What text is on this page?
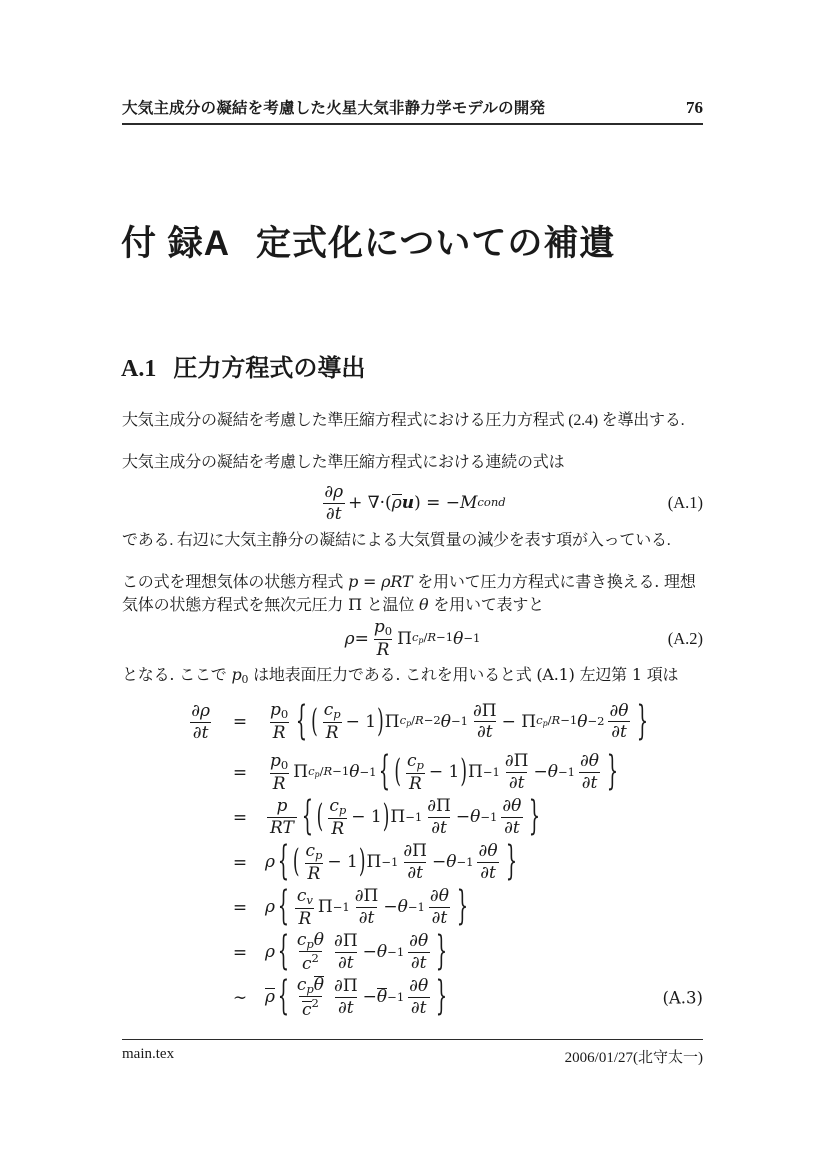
大気主成分の凝結を考慮した火星大気非静力学モデルの開発	76
付 録A 定式化についての補遺
A.1 圧力方程式の導出
大気主成分の凝結を考慮した準圧縮方程式における圧力方程式 (2.4) を導出する.
大気主成分の凝結を考慮した準圧縮方程式における連続の式は
$\frac{\partial\rho}{\partial t}$ + ∇·( ρ u ) = − M cond	(A.1)
である. 右辺に大気主静分の凝結による大気質量の減少を表す項が入っている.
この式を理想気体の状態方程式 p = ρRT を用いて圧力方程式に書き換える. 理想
気体の状態方程式を無次元圧力 Π と温位 θ を用いて表すと
$\rho = \frac{p0}{R}$ Π cp/R−1 θ −1	(A.2)
となる. ここで p0 は地表面圧力である. これを用いると式 (A.1) 左辺第 1 項は
$\frac{\partial\rho}{\partial t}$	=	$\frac{p0}{R}$ { ( $\frac{cp}{R} - 1$ ) Π cp/R−2 $\theta -1 \frac{\partial\Pi}{\partial t} - \Pi$ cp/R−1 $\theta -2 \frac{\partial\theta}{\partial t}$ }
=	$\frac{p0}{R}$ Π cp/R−1 θ −1 { ( $\frac{cp}{R} - 1$ ) $\Pi -1 \frac{\partial\Pi}{\partial t} - \theta -1 \frac{\partial\theta}{\partial t}$ }
=	$\frac{p}{RT}$ { ( $\frac{cp}{R} - 1$ ) $\Pi -1 \frac{\partial\Pi}{\partial t} - \theta -1 \frac{\partial\theta}{\partial t}$ }
=	ρ { ( $\frac{cp}{R} - 1$ ) $\Pi -1 \frac{\partial\Pi}{\partial t} - \theta -1 \frac{\partial\theta}{\partial t}$ }
=	ρ { $\frac{cv}{R}$ $\Pi -1 \frac{\partial\Pi}{\partial t} - \theta -1 \frac{\partial\theta}{\partial t}$ }
=	ρ { $\frac{\text{cpθ}}{c^2} \frac{\partial\Pi}{\partial t} - \theta -1 \frac{\partial\theta}{\partial t}$ }
∼	ρ { $\frac{\text{cpθ}}{c^2} \frac{\partial\Pi}{\partial t} - \theta -1 \frac{\partial\theta}{\partial t}$ }	(A.3)
main.tex	2006/01/27(北守太一)
